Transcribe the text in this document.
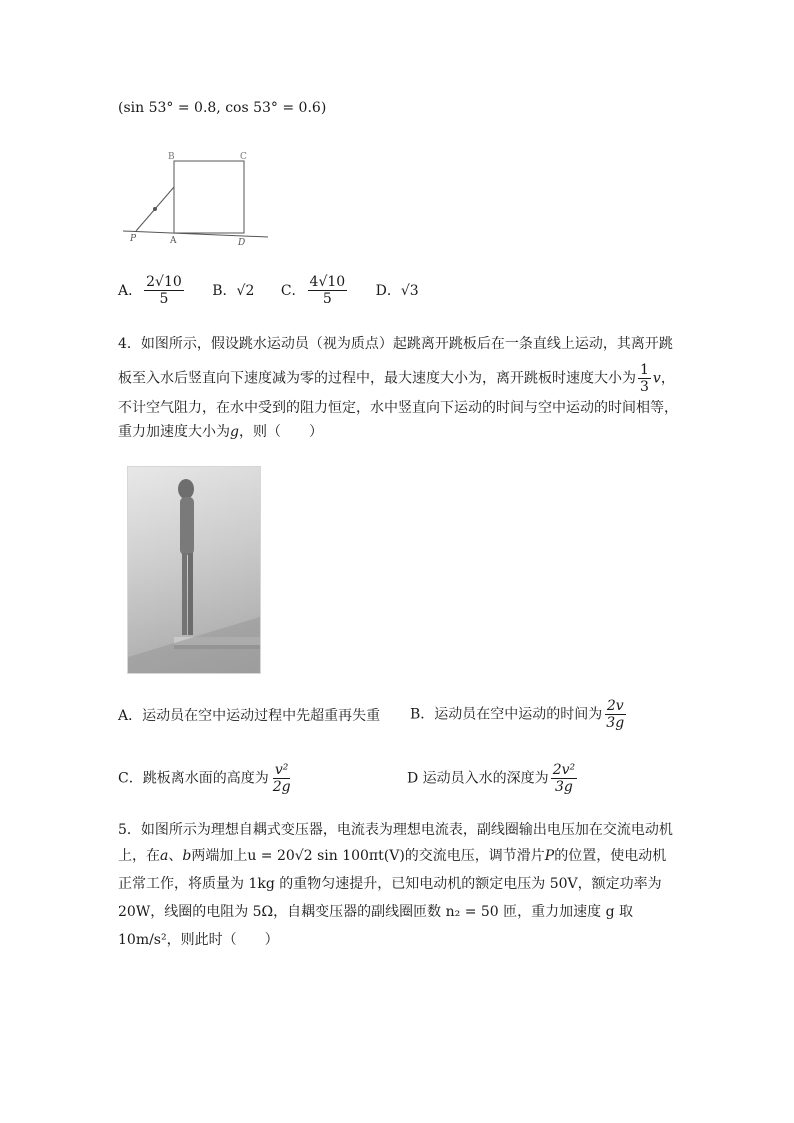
(sin 53° = 0.8, cos 53° = 0.6)
B	C
P	A	D
A． $\frac{2√10}{5}$ B．√2 C． $\frac{4√10}{5}$ D．√3
4．如图所示，假设跳水运动员（视为质点）起跳离开跳板后在一条直线上运动，其离开跳
板至入水后竖直向下速度减为零的过程中，最大速度大小为，离开跳板时速度大小为 $\frac{1}{3}$ v，
不计空气阻力，在水中受到的阻力恒定，水中竖直向下运动的时间与空中运动的时间相等，
重力加速度大小为g，则（　　）
A．运动员在空中运动过程中先超重再失重 B．运动员在空中运动的时间为 $\frac{2v}{3g}$
C．跳板离水面的高度为 $\frac{\text{v²}}{2g}$	D 运动员入水的深度为 $\frac{\text{2v²}}{3g}$
5．如图所示为理想自耦式变压器，电流表为理想电流表，副线圈输出电压加在交流电动机
上，在a、b两端加上u = 20√2 sin 100πt(V)的交流电压，调节滑片P的位置，使电动机
正常工作，将质量为 1kg 的重物匀速提升，已知电动机的额定电压为 50V，额定功率为
20W，线圈的电阻为 5Ω，自耦变压器的副线圈匝数 n₂ = 50 匝，重力加速度 g 取
10m/s²，则此时（　　）
